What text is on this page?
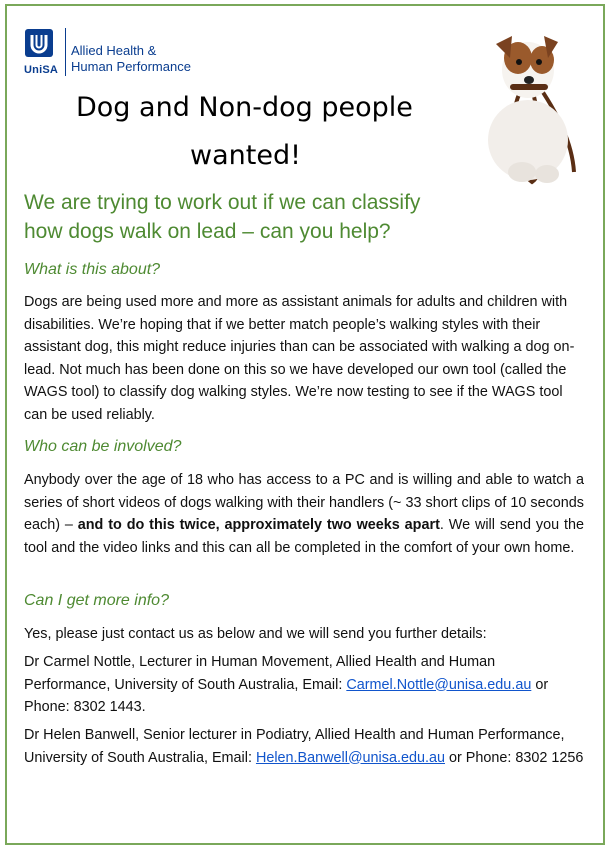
UniSA
Allied Health &
Human Performance
Dog and Non-dog people
wanted!
We are trying to work out if we can classify how dogs walk on lead – can you help?
What is this about?
Dogs are being used more and more as assistant animals for adults and children with disabilities. We’re hoping that if we better match people’s walking styles with their assistant dog, this might reduce injuries than can be associated with walking a dog on-lead. Not much has been done on this so we have developed our own tool (called the WAGS tool) to classify dog walking styles. We’re now testing to see if the WAGS tool can be used reliably.
Who can be involved?
Anybody over the age of 18 who has access to a PC and is willing and able to watch a series of short videos of dogs walking with their handlers (~ 33 short clips of 10 seconds each) – and to do this twice, approximately two weeks apart. We will send you the tool and the video links and this can all be completed in the comfort of your own home.
Can I get more info?
Yes, please just contact us as below and we will send you further details:
Dr Carmel Nottle, Lecturer in Human Movement, Allied Health and Human Performance, University of South Australia, Email: Carmel.Nottle@unisa.edu.au or Phone: 8302 1443.
Dr Helen Banwell, Senior lecturer in Podiatry, Allied Health and Human Performance, University of South Australia, Email: Helen.Banwell@unisa.edu.au or Phone: 8302 1256
